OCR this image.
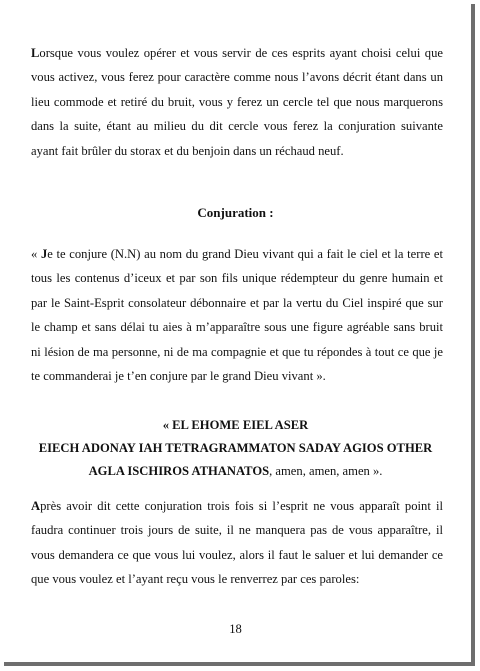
Lorsque vous voulez opérer et vous servir de ces esprits ayant choisi celui que vous activez, vous ferez pour caractère comme nous l’avons décrit étant dans un lieu commode et retiré du bruit, vous y ferez un cercle tel que nous marquerons dans la suite, étant au milieu du dit cercle vous ferez la conjuration suivante ayant fait brûler du storax et du benjoin dans un réchaud neuf.

Conjuration :

« Je te conjure (N.N) au nom du grand Dieu vivant qui a fait le ciel et la terre et tous les contenus d’iceux et par son fils unique rédempteur du genre humain et par le Saint-Esprit consolateur débonnaire et par la vertu du Ciel inspiré que sur le champ et sans délai tu aies à m’apparaître sous une figure agréable sans bruit ni lésion de ma personne, ni de ma compagnie et que tu répondes à tout ce que je te commanderai je t’en conjure par le grand Dieu vivant ».

« EL EHOME EIEL ASER
EIECH ADONAY IAH TETRAGRAMMATON SADAY AGIOS OTHER
AGLA ISCHIROS ATHANATOS, amen, amen, amen ».

Après avoir dit cette conjuration trois fois si l’esprit ne vous apparaît point il faudra continuer trois jours de suite, il ne manquera pas de vous apparaître, il vous demandera ce que vous lui voulez, alors il faut le saluer et lui demander ce que vous voulez et l’ayant reçu vous le renverrez par ces paroles:

18
